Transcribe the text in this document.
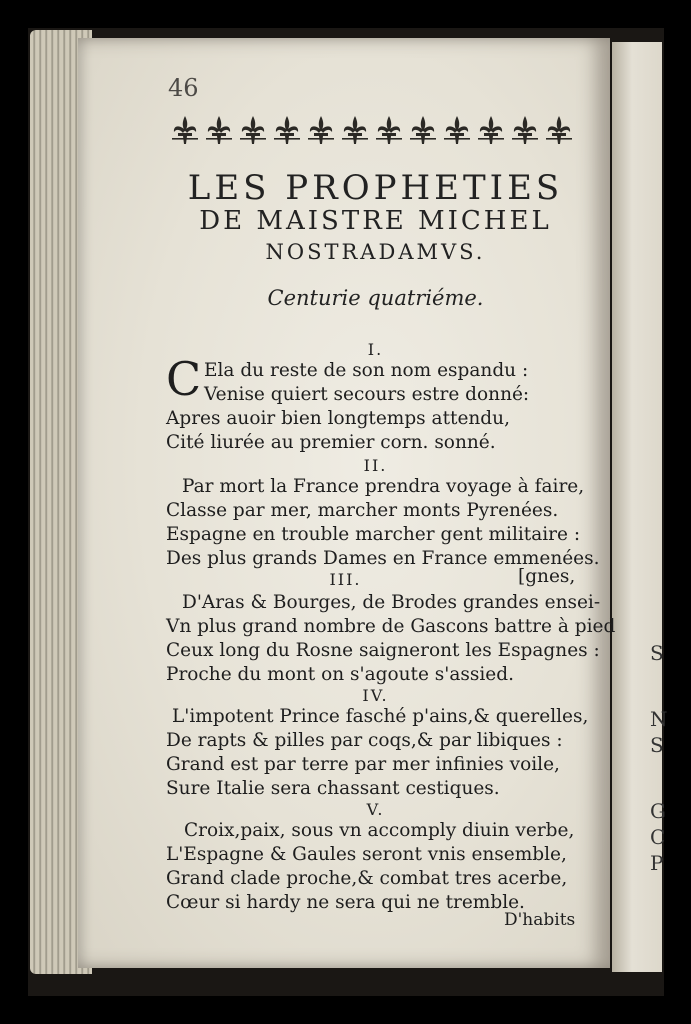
S
N
S
G
C
P
46
LES PROPHETIES
DE MAISTRE MICHEL
NOSTRADAMVS.
Centurie quatriéme.
I.
C Ela du reste de son nom espandu :
Venise quiert secours estre donné:
Apres auoir bien longtemps attendu,
Cité liurée au premier corn. sonné.
II.
Par mort la France prendra voyage à faire,
Classe par mer, marcher monts Pyrenées.
Espagne en trouble marcher gent militaire :
Des plus grands Dames en France emmenées.
III.	[gnes,
D'Aras & Bourges, de Brodes grandes ensei-
Vn plus grand nombre de Gascons battre à pied
Ceux long du Rosne saigneront les Espagnes :
Proche du mont on s'agoute s'assied.
IV.
L'impotent Prince fasché p'ains,& querelles,
De rapts & pilles par coqs,& par libiques :
Grand est par terre par mer infinies voile,
Sure Italie sera chassant cestiques.
V.
Croix,paix, sous vn accomply diuin verbe,
L'Espagne & Gaules seront vnis ensemble,
Grand clade proche,& combat tres acerbe,
Cœur si hardy ne sera qui ne tremble.
D'habits
